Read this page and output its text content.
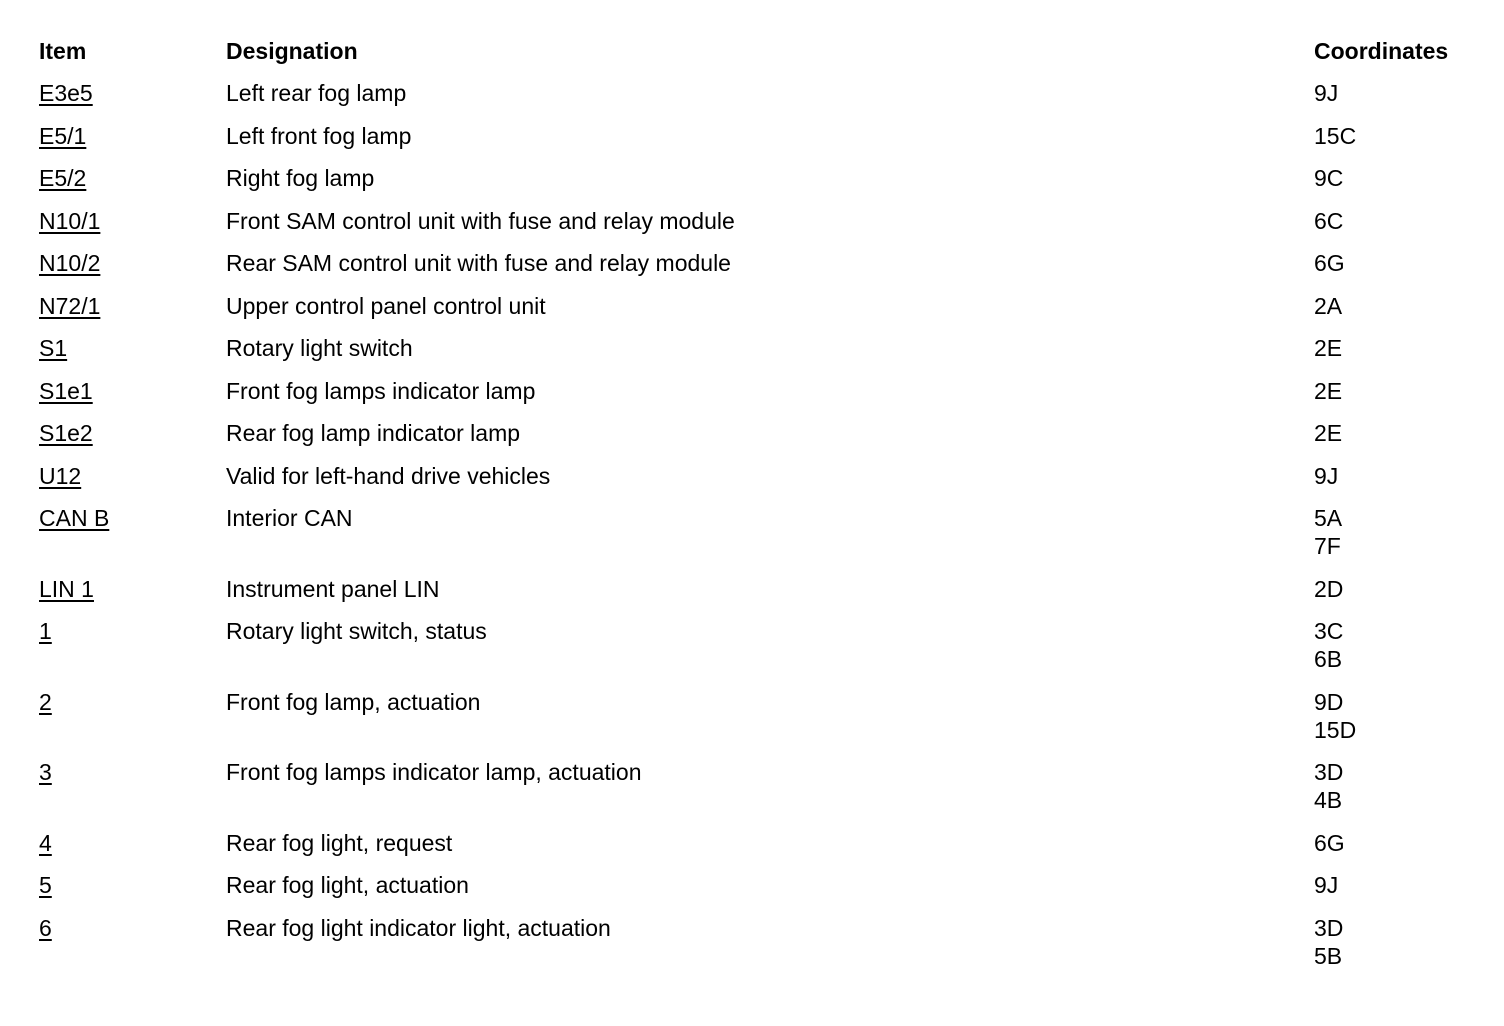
Item	Designation	Coordinates
E3e5	Left rear fog lamp	9J

E5/1	Left front fog lamp	15C

E5/2	Right fog lamp	9C

N10/1	Front SAM control unit with fuse and relay module	6C

N10/2	Rear SAM control unit with fuse and relay module	6G

N72/1	Upper control panel control unit	2A

S1	Rotary light switch	2E

S1e1	Front fog lamps indicator lamp	2E

S1e2	Rear fog lamp indicator lamp	2E

U12	Valid for left-hand drive vehicles	9J

CAN B	Interior CAN	5A
7F

LIN 1	Instrument panel LIN	2D

1	Rotary light switch, status	3C
6B

2	Front fog lamp, actuation	9D
15D

3	Front fog lamps indicator lamp, actuation	3D
4B

4	Rear fog light, request	6G

5	Rear fog light, actuation	9J

6	Rear fog light indicator light, actuation	3D
5B
